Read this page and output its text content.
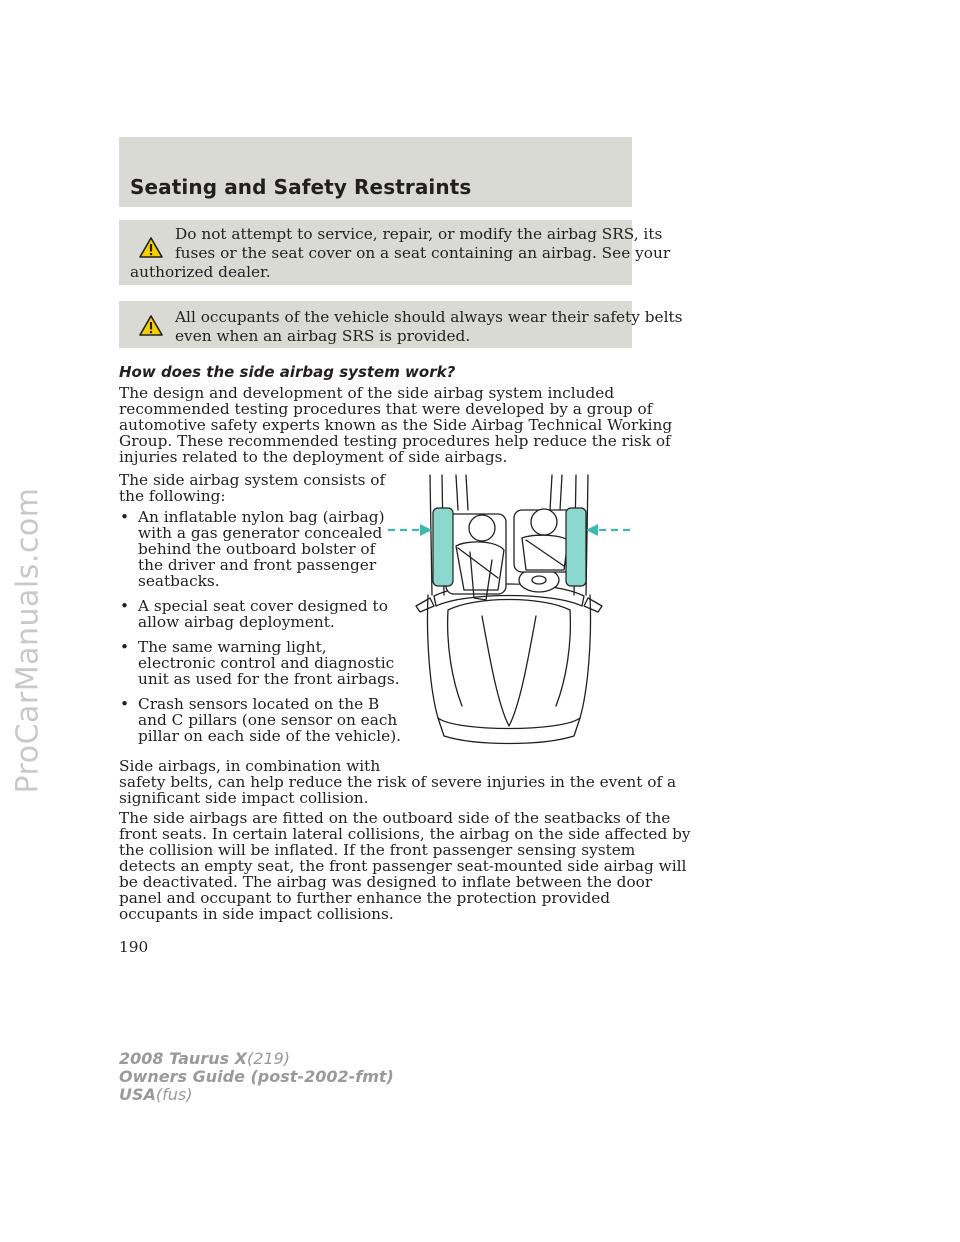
ProCarManuals.com
Seating and Safety Restraints
Do not attempt to service, repair, or modify the airbag SRS, its
fuses or the seat cover on a seat containing an airbag. See your
authorized dealer.
All occupants of the vehicle should always wear their safety belts
even when an airbag SRS is provided.
How does the side airbag system work?

The design and development of the side airbag system included
recommended testing procedures that were developed by a group of
automotive safety experts known as the Side Airbag Technical Working
Group. These recommended testing procedures help reduce the risk of
injuries related to the deployment of side airbags.

The side airbag system consists of
the following:

• An inflatable nylon bag (airbag)
with a gas generator concealed
behind the outboard bolster of
the driver and front passenger
seatbacks.
• A special seat cover designed to
allow airbag deployment.
• The same warning light,
electronic control and diagnostic
unit as used for the front airbags.
• Crash sensors located on the B
and C pillars (one sensor on each
pillar on each side of the vehicle).

Side airbags, in combination with
safety belts, can help reduce the risk of severe injuries in the event of a
significant side impact collision.

The side airbags are fitted on the outboard side of the seatbacks of the
front seats. In certain lateral collisions, the airbag on the side affected by
the collision will be inflated. If the front passenger sensing system
detects an empty seat, the front passenger seat-mounted side airbag will
be deactivated. The airbag was designed to inflate between the door
panel and occupant to further enhance the protection provided
occupants in side impact collisions.

190
2008 Taurus X(219)
Owners Guide (post-2002-fmt)
USA(fus)
